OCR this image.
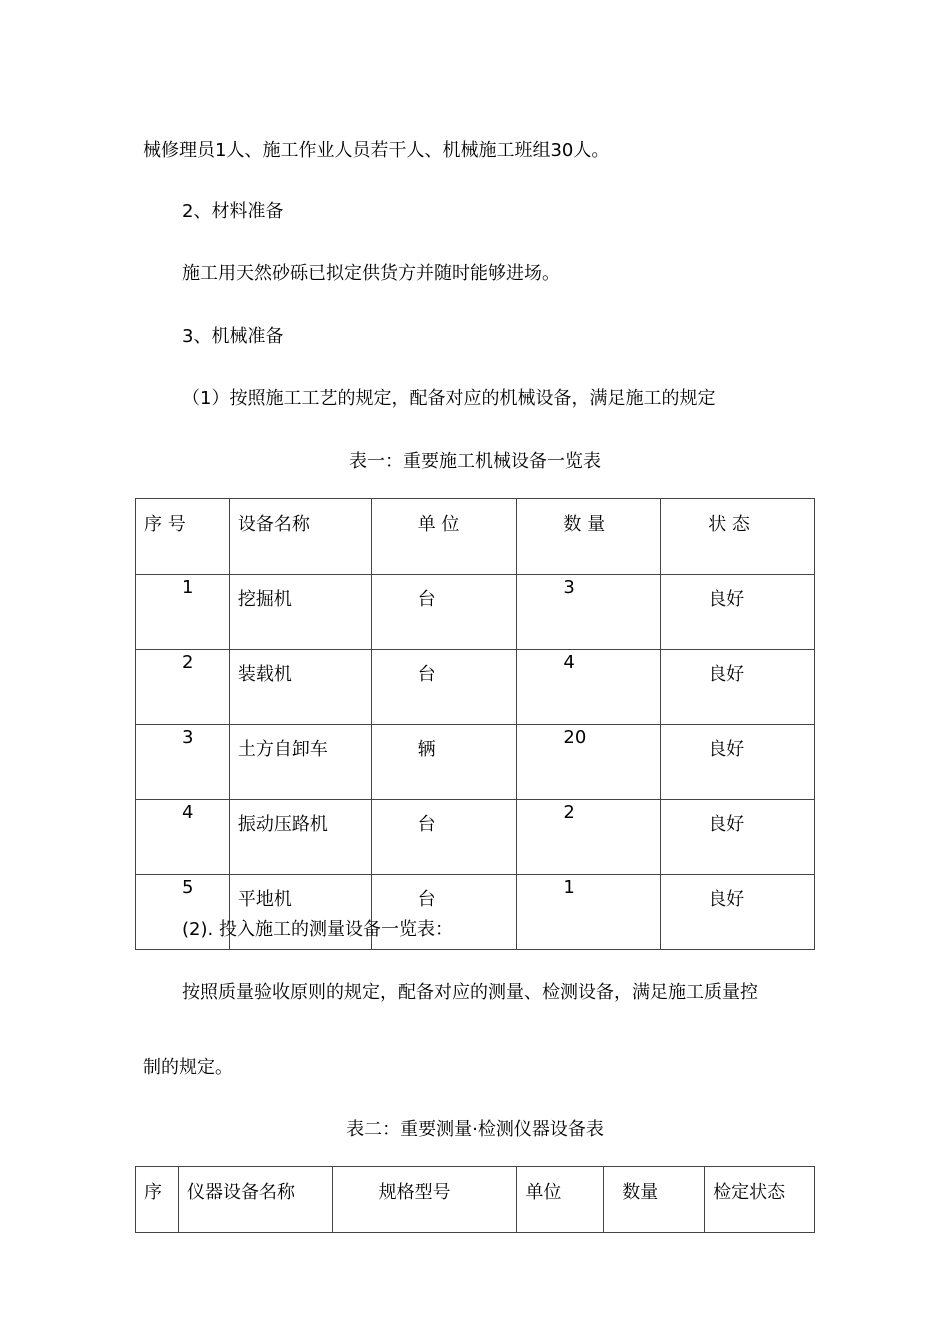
械修理员1人、施工作业人员若干人、机械施工班组30人。
2、材料准备
施工用天然砂砾已拟定供货方并随时能够进场。
3、机械准备
（1）按照施工工艺的规定，配备对应的机械设备，满足施工的规定
表一：重要施工机械设备一览表
序 号	设备名称	单 位	数 量	状 态
1	挖掘机	台	3	良好
2	装载机	台	4	良好
3	土方自卸车	辆	20	良好
4	振动压路机	台	2	良好
5	平地机	台	1	良好
(2). 投入施工的测量设备一览表：
按照质量验收原则的规定，配备对应的测量、检测设备，满足施工质量控
制的规定。
表二：重要测量·检测仪器设备表
序	仪器设备名称	规格型号	单位	数量	检定状态
